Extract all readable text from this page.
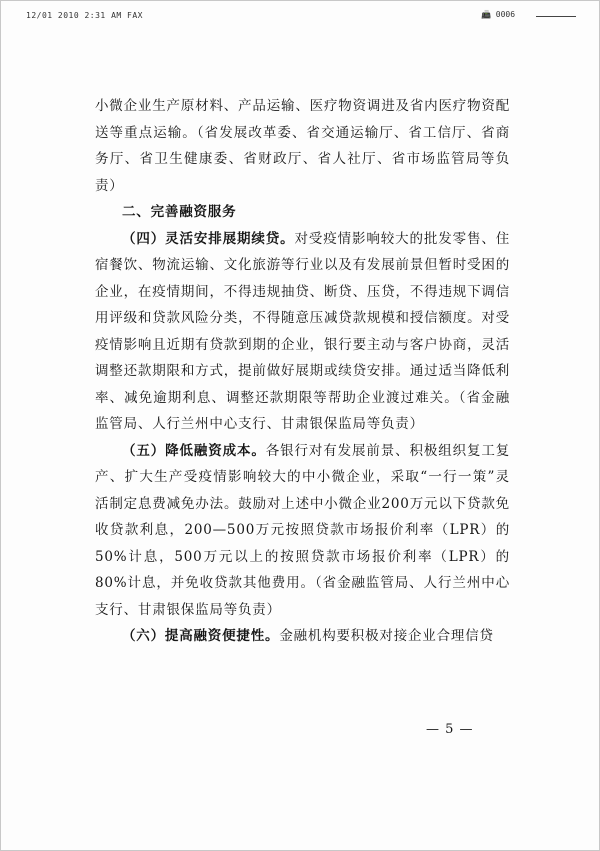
12/01 2010 2:31 AM FAX	📠 0006

小微企业生产原材料、产品运输、医疗物资调进及省内医疗物资配送等重点运输。（省发展改革委、省交通运输厅、省工信厅、省商务厅、省卫生健康委、省财政厅、省人社厅、省市场监管局等负责）

二、完善融资服务

（四）灵活安排展期续贷。对受疫情影响较大的批发零售、住宿餐饮、物流运输、文化旅游等行业以及有发展前景但暂时受困的企业，在疫情期间，不得违规抽贷、断贷、压贷，不得违规下调信用评级和贷款风险分类，不得随意压减贷款规模和授信额度。对受疫情影响且近期有贷款到期的企业，银行要主动与客户协商，灵活调整还款期限和方式，提前做好展期或续贷安排。通过适当降低利率、减免逾期利息、调整还款期限等帮助企业渡过难关。（省金融监管局、人行兰州中心支行、甘肃银保监局等负责）

（五）降低融资成本。各银行对有发展前景、积极组织复工复产、扩大生产受疫情影响较大的中小微企业，采取“一行一策”灵活制定息费减免办法。鼓励对上述中小微企业200万元以下贷款免收贷款利息，200—500万元按照贷款市场报价利率（LPR）的50%计息，500万元以上的按照贷款市场报价利率（LPR）的80%计息，并免收贷款其他费用。（省金融监管局、人行兰州中心支行、甘肃银保监局等负责）

（六）提高融资便捷性。金融机构要积极对接企业合理信贷

— 5 —
